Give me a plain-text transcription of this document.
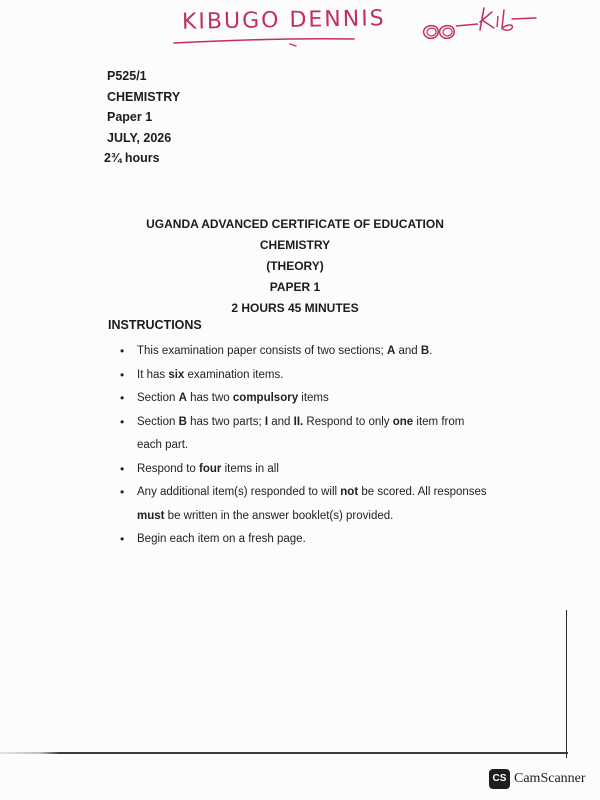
KIBUGO DENNIS
P525/1
CHEMISTRY
Paper 1
JULY, 2026
2¾ hours
UGANDA ADVANCED CERTIFICATE OF EDUCATION
CHEMISTRY
(THEORY)
PAPER 1
2 HOURS 45 MINUTES
INSTRUCTIONS
• This examination paper consists of two sections; A and B.
• It has six examination items.
• Section A has two compulsory items
• Section B has two parts; I and II. Respond to only one item from each part.
• Respond to four items in all
• Any additional item(s) responded to will not be scored. All responses must be written in the answer booklet(s) provided.
• Begin each item on a fresh page.
CS CamScanner
